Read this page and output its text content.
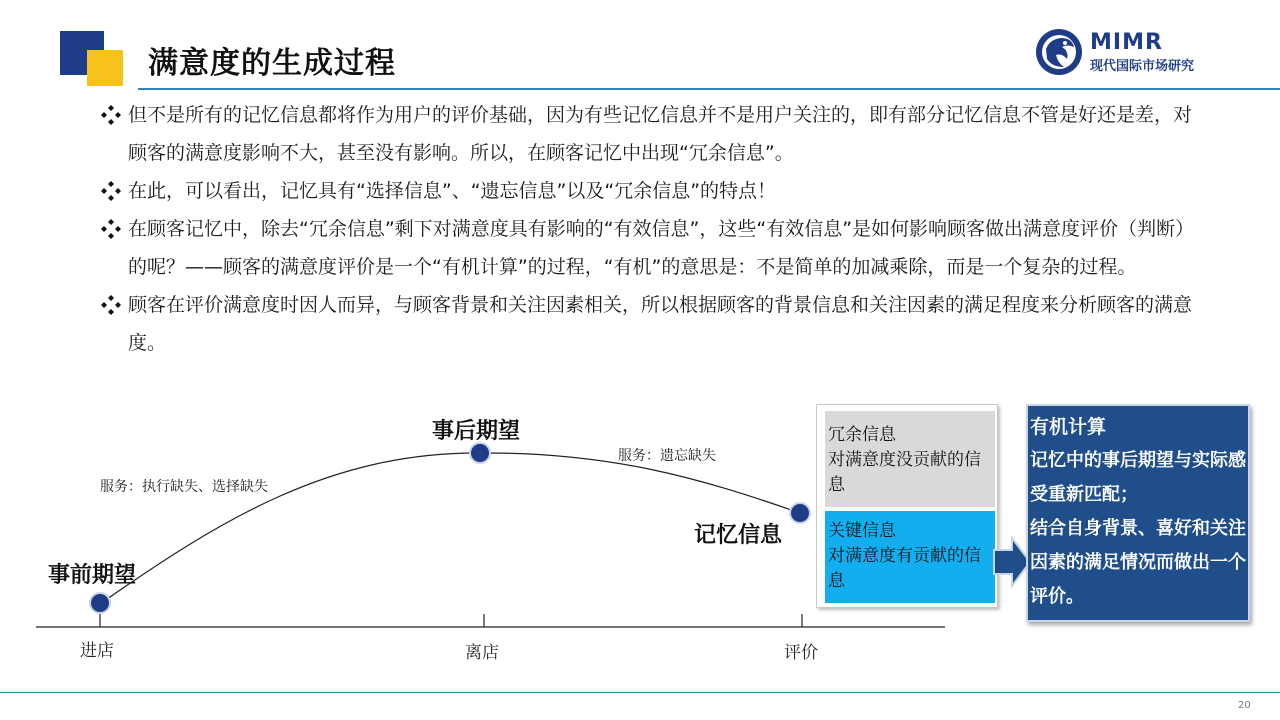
满意度的生成过程
MIMR
现代国际市场研究
但不是所有的记忆信息都将作为用户的评价基础，因为有些记忆信息并不是用户关注的，即有部分记忆信息不管是好还是差，对顾客的满意度影响不大，甚至没有影响。所以，在顾客记忆中出现“冗余信息”。
在此，可以看出，记忆具有“选择信息”、“遗忘信息”以及“冗余信息”的特点！
在顾客记忆中，除去“冗余信息”剩下对满意度具有影响的“有效信息”，这些“有效信息”是如何影响顾客做出满意度评价（判断）的呢？——顾客的满意度评价是一个“有机计算”的过程，“有机”的意思是：不是简单的加减乘除，而是一个复杂的过程。
顾客在评价满意度时因人而异，与顾客背景和关注因素相关，所以根据顾客的背景信息和关注因素的满足程度来分析顾客的满意度。
事前期望
事后期望
记忆信息
服务：执行缺失、选择缺失
服务：遗忘缺失
进店	离店	评价
冗余信息
对满意度没贡献的信息
关键信息
对满意度有贡献的信息
有机计算
记忆中的事后期望与实际感受重新匹配；
结合自身背景、喜好和关注因素的满足情况而做出一个评价。
20
